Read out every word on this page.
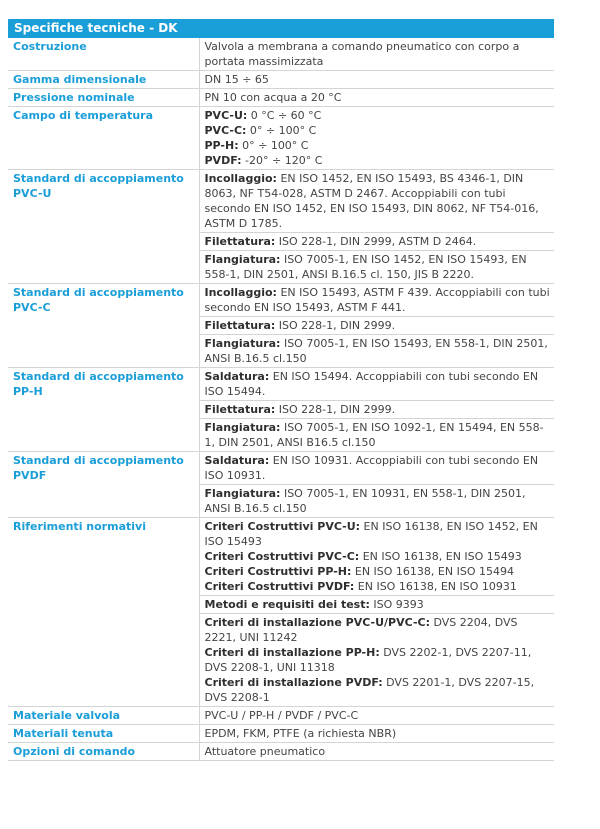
Specifiche tecniche - DK
Costruzione	Valvola a membrana a comando pneumatico con corpo a portata massimizzata

Gamma dimensionale	DN 15 ÷ 65

Pressione nominale	PN 10 con acqua a 20 °C

Campo di temperatura	PVC-U: 0 °C ÷ 60 °C
PVC-C: 0° ÷ 100° C
PP-H: 0° ÷ 100° C
PVDF: -20° ÷ 120° C

Standard di accoppiamento PVC-U	Incollaggio: EN ISO 1452, EN ISO 15493, BS 4346-1, DIN 8063, NF T54-028, ASTM D 2467. Accoppiabili con tubi secondo EN ISO 1452, EN ISO 15493, DIN 8062, NF T54-016, ASTM D 1785.

	Filettatura: ISO 228-1, DIN 2999, ASTM D 2464.

	Flangiatura: ISO 7005-1, EN ISO 1452, EN ISO 15493, EN 558-1, DIN 2501, ANSI B.16.5 cl. 150, JIS B 2220.

Standard di accoppiamento PVC-C	Incollaggio: EN ISO 15493, ASTM F 439. Accoppiabili con tubi secondo EN ISO 15493, ASTM F 441.

	Filettatura: ISO 228-1, DIN 2999.

	Flangiatura: ISO 7005-1, EN ISO 15493, EN 558-1, DIN 2501, ANSI B.16.5 cl.150

Standard di accoppiamento PP-H	Saldatura: EN ISO 15494. Accoppiabili con tubi secondo EN ISO 15494.

	Filettatura: ISO 228-1, DIN 2999.

	Flangiatura: ISO 7005-1, EN ISO 1092-1, EN 15494, EN 558-1, DIN 2501, ANSI B16.5 cl.150

Standard di accoppiamento PVDF	Saldatura: EN ISO 10931. Accoppiabili con tubi secondo EN ISO 10931.

	Flangiatura: ISO 7005-1, EN 10931, EN 558-1, DIN 2501, ANSI B.16.5 cl.150

Riferimenti normativi	Criteri Costruttivi PVC-U: EN ISO 16138, EN ISO 1452, EN ISO 15493
Criteri Costruttivi PVC-C: EN ISO 16138, EN ISO 15493
Criteri Costruttivi PP-H: EN ISO 16138, EN ISO 15494
Criteri Costruttivi PVDF: EN ISO 16138, EN ISO 10931

	Metodi e requisiti dei test: ISO 9393

	Criteri di installazione PVC-U/PVC-C: DVS 2204, DVS 2221, UNI 11242
Criteri di installazione PP-H: DVS 2202-1, DVS 2207-11, DVS 2208-1, UNI 11318
Criteri di installazione PVDF: DVS 2201-1, DVS 2207-15, DVS 2208-1

Materiale valvola	PVC-U / PP-H / PVDF / PVC-C

Materiali tenuta	EPDM, FKM, PTFE (a richiesta NBR)

Opzioni di comando	Attuatore pneumatico
